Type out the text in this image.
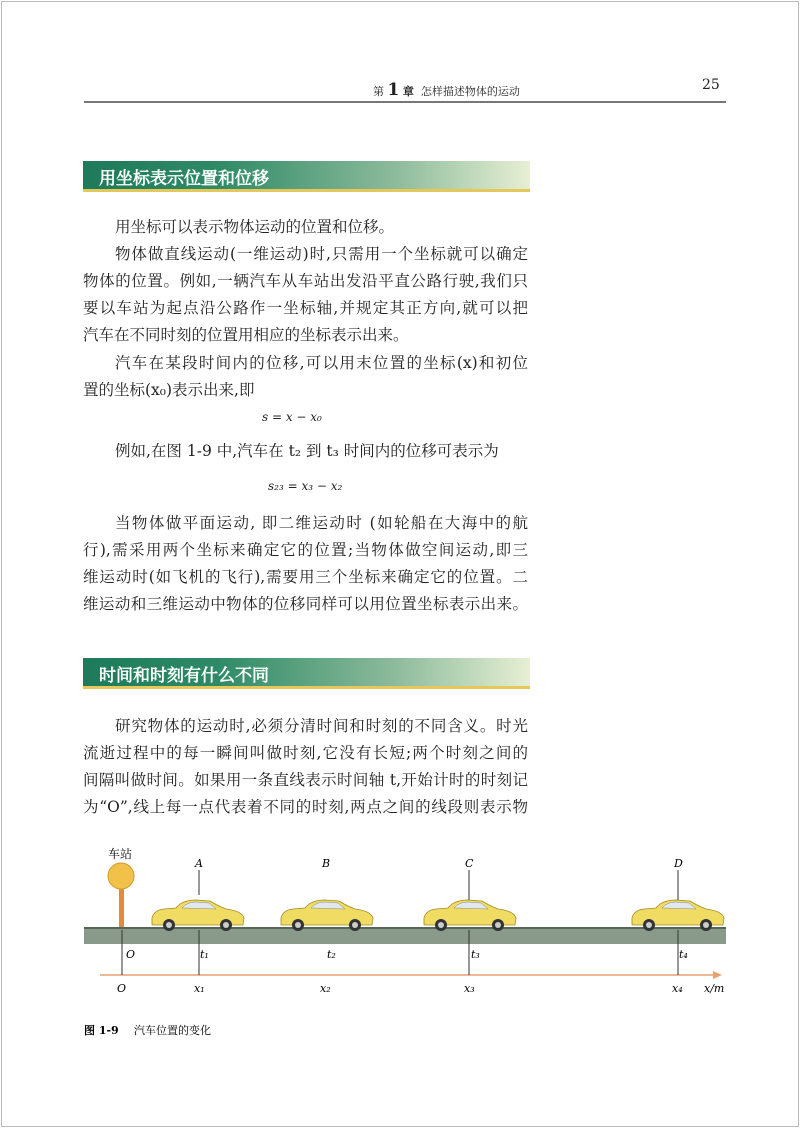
第 1 章 怎样描述物体的运动	25
用坐标表示位置和位移
用坐标可以表示物体运动的位置和位移。
物体做直线运动(一维运动)时,只需用一个坐标就可以确定
物体的位置。例如,一辆汽车从车站出发沿平直公路行驶,我们只
要以车站为起点沿公路作一坐标轴,并规定其正方向,就可以把
汽车在不同时刻的位置用相应的坐标表示出来。
汽车在某段时间内的位移,可以用末位置的坐标(x)和初位
置的坐标(x₀)表示出来,即
s = x − x₀
例如,在图 1-9 中,汽车在 t₂ 到 t₃ 时间内的位移可表示为
s₂₃ = x₃ − x₂
当物体做平面运动, 即二维运动时 (如轮船在大海中的航
行),需采用两个坐标来确定它的位置;当物体做空间运动,即三
维运动时(如飞机的飞行),需要用三个坐标来确定它的位置。二
维运动和三维运动中物体的位移同样可以用位置坐标表示出来。
时间和时刻有什么不同
研究物体的运动时,必须分清时间和时刻的不同含义。时光
流逝过程中的每一瞬间叫做时刻,它没有长短;两个时刻之间的
间隔叫做时间。如果用一条直线表示时间轴 t,开始计时的时刻记
为“O”,线上每一点代表着不同的时刻,两点之间的线段则表示物
车站
A	B	C	D
O	t₁	t₂	t₃	t₄
O	x₁	x₂	x₃	x₄ x/m
图 1-9 汽车位置的变化
